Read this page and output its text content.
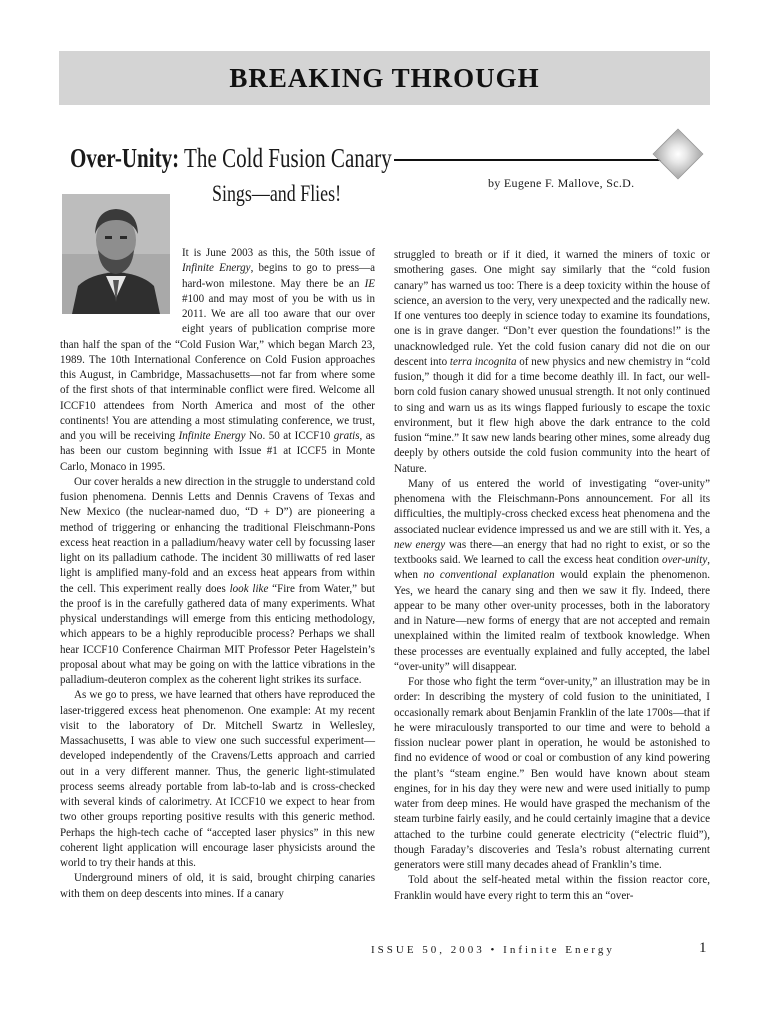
BREAKING THROUGH
Over-Unity: The Cold Fusion Canary
Sings—and Flies!	by Eugene F. Mallove, Sc.D.

It is June 2003 as this, the 50th issue of Infinite Energy, begins to go to press—a hard-won milestone. May there be an IE #100 and may most of you be with us in 2011. We are all too aware that our over eight years of publication comprise more than half the span of the “Cold Fusion War,” which began March 23, 1989. The 10th International Conference on Cold Fusion approaches this August, in Cambridge, Massachusetts—not far from where some of the first shots of that interminable conflict were fired. Welcome all ICCF10 attendees from North America and most of the other continents! You are attending a most stimulating conference, we trust, and you will be receiving Infinite Energy No. 50 at ICCF10 gratis, as has been our custom beginning with Issue #1 at ICCF5 in Monte Carlo, Monaco in 1995.

Our cover heralds a new direction in the struggle to understand cold fusion phenomena. Dennis Letts and Dennis Cravens of Texas and New Mexico (the nuclear-named duo, “D + D”) are pioneering a method of triggering or enhancing the traditional Fleischmann-Pons excess heat reaction in a palladium/heavy water cell by focussing laser light on its palladium cathode. The incident 30 milliwatts of red laser light is amplified many-fold and an excess heat appears from within the cell. This experiment really does look like “Fire from Water,” but the proof is in the carefully gathered data of many experiments. What physical understandings will emerge from this enticing methodology, which appears to be a highly reproducible process? Perhaps we shall hear ICCF10 Conference Chairman MIT Professor Peter Hagelstein’s proposal about what may be going on with the lattice vibrations in the palladium-deuteron complex as the coherent light strikes its surface.

As we go to press, we have learned that others have reproduced the laser-triggered excess heat phenomenon. One example: At my recent visit to the laboratory of Dr. Mitchell Swartz in Wellesley, Massachusetts, I was able to view one such successful experiment—developed independently of the Cravens/Letts approach and carried out in a very different manner. Thus, the generic light-stimulated process seems already portable from lab-to-lab and is cross-checked with several kinds of calorimetry. At ICCF10 we expect to hear from two other groups reporting positive results with this generic method. Perhaps the high-tech cache of “accepted laser physics” in this new coherent light application will encourage laser physicists around the world to try their hands at this.

Underground miners of old, it is said, brought chirping canaries with them on deep descents into mines. If a canary

struggled to breath or if it died, it warned the miners of toxic or smothering gases. One might say similarly that the “cold fusion canary” has warned us too: There is a deep toxicity within the house of science, an aversion to the very, very unexpected and the radically new. If one ventures too deeply in science today to examine its foundations, one is in grave danger. “Don’t ever question the foundations!” is the unacknowledged rule. Yet the cold fusion canary did not die on our descent into terra incognita of new physics and new chemistry in “cold fusion,” though it did for a time become deathly ill. In fact, our well-born cold fusion canary showed unusual strength. It not only continued to sing and warn us as its wings flapped furiously to escape the toxic environment, but it flew high above the dark entrance to the cold fusion “mine.” It saw new lands bearing other mines, some already dug deeply by others outside the cold fusion community into the heart of Nature.

Many of us entered the world of investigating “over-unity” phenomena with the Fleischmann-Pons announcement. For all its difficulties, the multiply-cross checked excess heat phenomena and the associated nuclear evidence impressed us and we are still with it. Yes, a new energy was there—an energy that had no right to exist, or so the textbooks said. We learned to call the excess heat condition over-unity, when no conventional explanation would explain the phenomenon. Yes, we heard the canary sing and then we saw it fly. Indeed, there appear to be many other over-unity processes, both in the laboratory and in Nature—new forms of energy that are not accepted and remain unexplained within the limited realm of textbook knowledge. When these processes are eventually explained and fully accepted, the label “over-unity” will disappear.

For those who fight the term “over-unity,” an illustration may be in order: In describing the mystery of cold fusion to the uninitiated, I occasionally remark about Benjamin Franklin of the late 1700s—that if he were miraculously transported to our time and were to behold a fission nuclear power plant in operation, he would be astonished to find no evidence of wood or coal or combustion of any kind powering the plant’s “steam engine.” Ben would have known about steam engines, for in his day they were new and were used initially to pump water from deep mines. He would have grasped the mechanism of the steam turbine fairly easily, and he could certainly imagine that a device attached to the turbine could generate electricity (“electric fluid”), though Faraday’s discoveries and Tesla’s robust alternating current generators were still many decades ahead of Franklin’s time.

Told about the self-heated metal within the fission reactor core, Franklin would have every right to term this an “over-

ISSUE 50, 2003 • Infinite Energy	1
